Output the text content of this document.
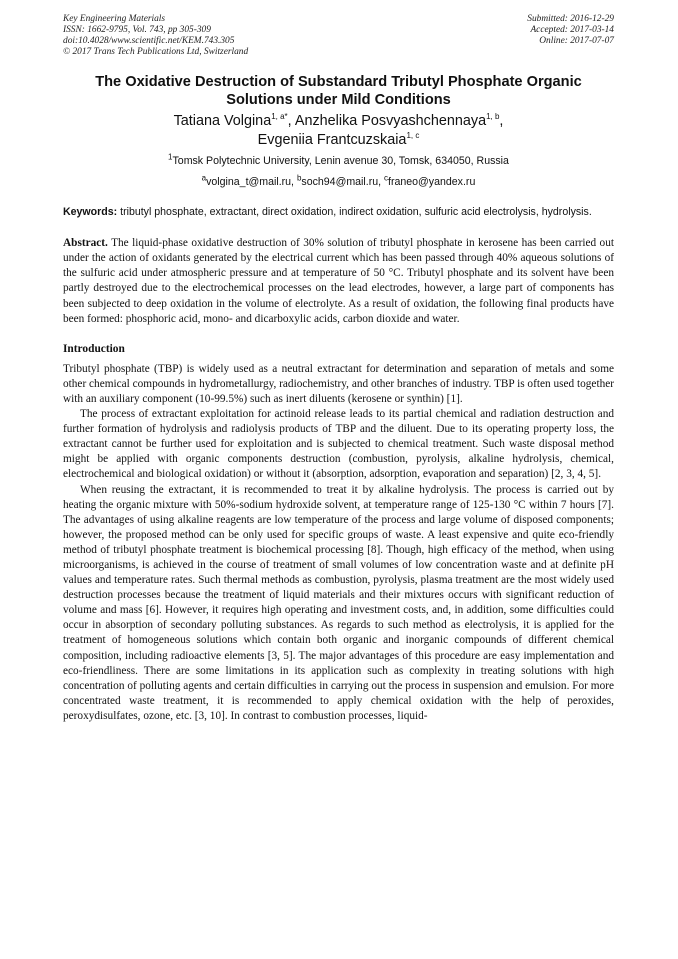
Key Engineering Materials
ISSN: 1662-9795, Vol. 743, pp 305-309
doi:10.4028/www.scientific.net/KEM.743.305
© 2017 Trans Tech Publications Ltd, Switzerland
Submitted: 2016-12-29
Accepted: 2017-03-14
Online: 2017-07-07
The Oxidative Destruction of Substandard Tributyl Phosphate Organic Solutions under Mild Conditions
Tatiana Volgina$^{1, a*}$, Anzhelika Posvyashchennaya$^{1, b}$,
Evgeniia Frantcuzskaia$^{1, c}$
$^1$Tomsk Polytechnic University, Lenin avenue 30, Tomsk, 634050, Russia
$^a$volgina_t@mail.ru, $^b$soch94@mail.ru, $^c$franeo@yandex.ru
Keywords: tributyl phosphate, extractant, direct oxidation, indirect oxidation, sulfuric acid electrolysis, hydrolysis.
Abstract. The liquid-phase oxidative destruction of 30% solution of tributyl phosphate in kerosene has been carried out under the action of oxidants generated by the electrical current which has been passed through 40% aqueous solutions of the sulfuric acid under atmospheric pressure and at temperature of 50 °C. Tributyl phosphate and its solvent have been partly destroyed due to the electrochemical processes on the lead electrodes, however, a large part of components has been subjected to deep oxidation in the volume of electrolyte. As a result of oxidation, the following final products have been formed: phosphoric acid, mono- and dicarboxylic acids, carbon dioxide and water.
Introduction
Tributyl phosphate (TBP) is widely used as a neutral extractant for determination and separation of metals and some other chemical compounds in hydrometallurgy, radiochemistry, and other branches of industry. TBP is often used together with an auxiliary component (10-99.5%) such as inert diluents (kerosene or synthin) [1].
The process of extractant exploitation for actinoid release leads to its partial chemical and radiation destruction and further formation of hydrolysis and radiolysis products of TBP and the diluent. Due to its operating property loss, the extractant cannot be further used for exploitation and is subjected to chemical treatment. Such waste disposal method might be applied with organic components destruction (combustion, pyrolysis, alkaline hydrolysis, chemical, electrochemical and biological oxidation) or without it (absorption, adsorption, evaporation and separation) [2, 3, 4, 5].
When reusing the extractant, it is recommended to treat it by alkaline hydrolysis. The process is carried out by heating the organic mixture with 50%-sodium hydroxide solvent, at temperature range of 125-130 °C within 7 hours [7]. The advantages of using alkaline reagents are low temperature of the process and large volume of disposed components; however, the proposed method can be only used for specific groups of waste. A least expensive and quite eco-friendly method of tributyl phosphate treatment is biochemical processing [8]. Though, high efficacy of the method, when using microorganisms, is achieved in the course of treatment of small volumes of low concentration waste and at definite pH values and temperature rates. Such thermal methods as combustion, pyrolysis, plasma treatment are the most widely used destruction processes because the treatment of liquid materials and their mixtures occurs with significant reduction of volume and mass [6]. However, it requires high operating and investment costs, and, in addition, some difficulties could occur in absorption of secondary polluting substances. As regards to such method as electrolysis, it is applied for the treatment of homogeneous solutions which contain both organic and inorganic compounds of different chemical composition, including radioactive elements [3, 5]. The major advantages of this procedure are easy implementation and eco-friendliness. There are some limitations in its application such as complexity in treating solutions with high concentration of polluting agents and certain difficulties in carrying out the process in suspension and emulsion. For more concentrated waste treatment, it is recommended to apply chemical oxidation with the help of peroxides, peroxydisulfates, ozone, etc. [3, 10]. In contrast to combustion processes, liquid-
